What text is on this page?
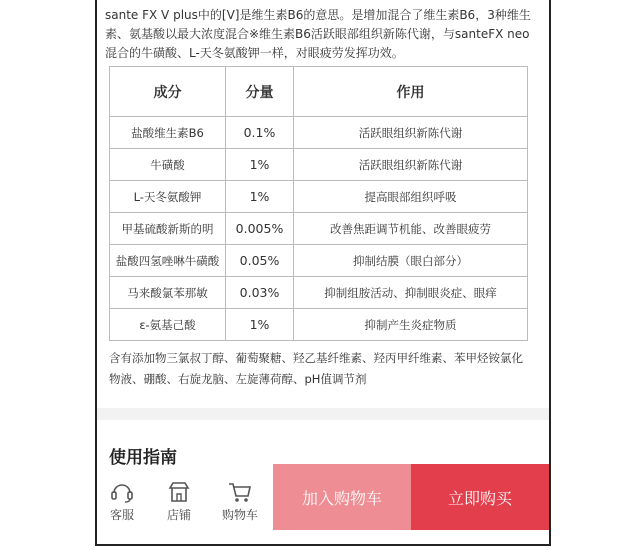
sante FX V plus中的[V]是维生素B6的意思。是增加混合了维生素B6，3种维生素、氨基酸以最大浓度混合※维生素B6活跃眼部组织新陈代谢，与santeFX neo混合的牛磺酸、L-天冬氨酸钾一样，对眼疲劳发挥功效。
成分	分量	作用
盐酸维生素B6	0.1%	活跃眼组织新陈代谢
牛磺酸	1%	活跃眼组织新陈代谢
L-天冬氨酸钾	1%	提高眼部组织呼吸
甲基硫酸新斯的明	0.005%	改善焦距调节机能、改善眼疲劳
盐酸四氢唑啉牛磺酸	0.05%	抑制结膜（眼白部分）
马来酸氯苯那敏	0.03%	抑制组胺活动、抑制眼炎症、眼痒
ε-氨基己酸	1%	抑制产生炎症物质
含有添加物三氯叔丁醇、葡萄聚糖、羟乙基纤维素、羟丙甲纤维素、苯甲烃铵氯化物液、硼酸、右旋龙脑、左旋薄荷醇、pH值调节剂
使用指南
客服	店铺	购物车
加入购物车	立即购买
